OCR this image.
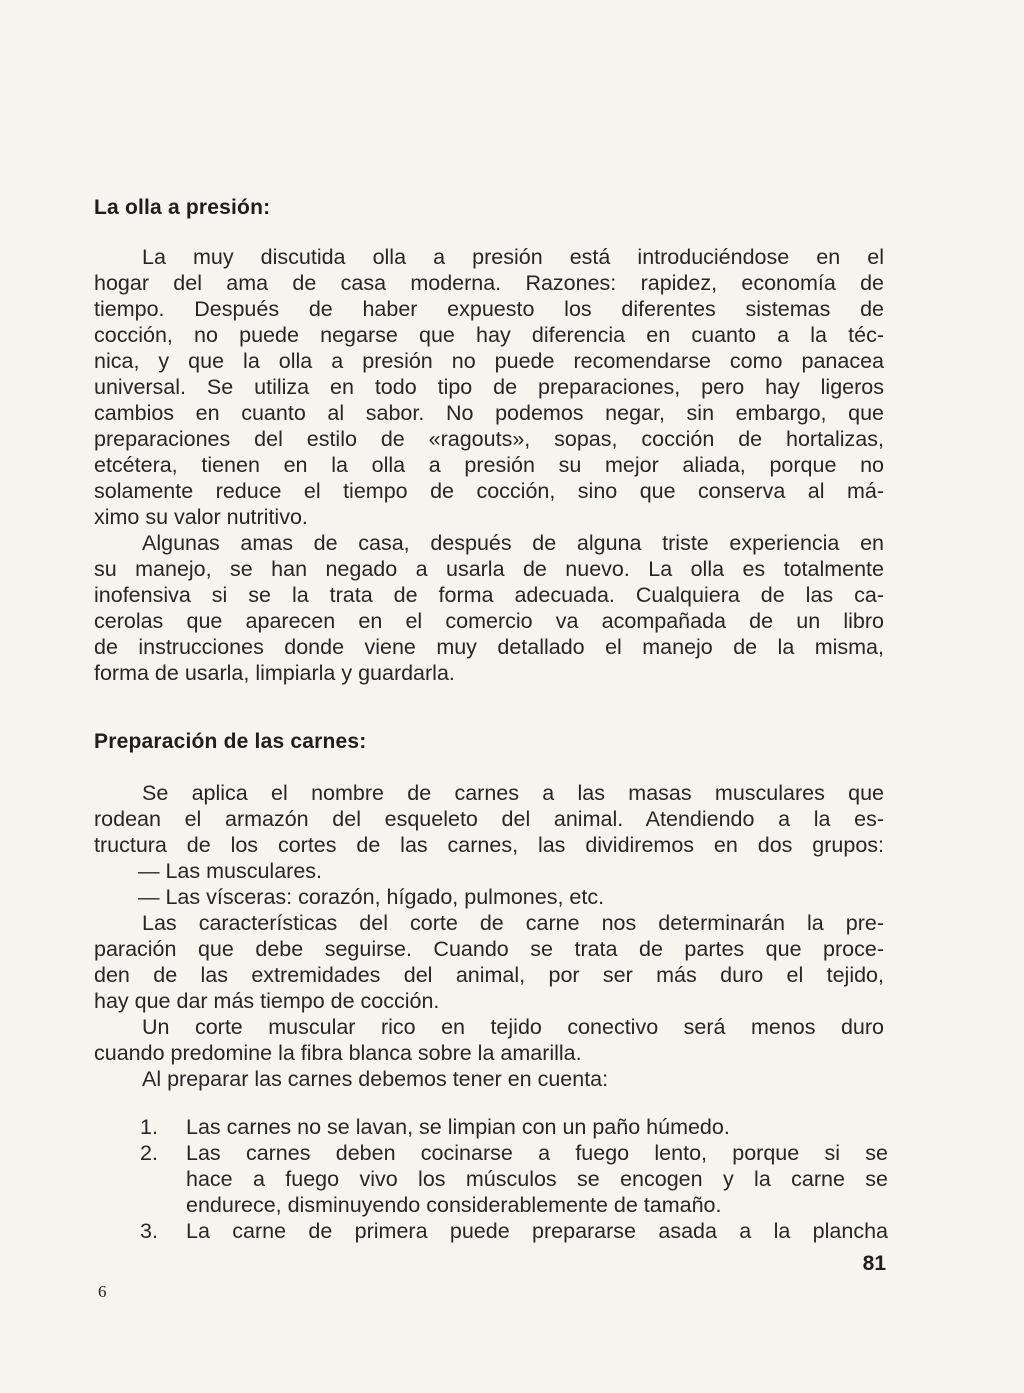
La olla a presión:

La muy discutida olla a presión está introduciéndose en el

hogar del ama de casa moderna. Razones: rapidez, economía de

tiempo. Después de haber expuesto los diferentes sistemas de

cocción, no puede negarse que hay diferencia en cuanto a la téc-

nica, y que la olla a presión no puede recomendarse como panacea

universal. Se utiliza en todo tipo de preparaciones, pero hay ligeros

cambios en cuanto al sabor. No podemos negar, sin embargo, que

preparaciones del estilo de «ragouts», sopas, cocción de hortalizas,

etcétera, tienen en la olla a presión su mejor aliada, porque no

solamente reduce el tiempo de cocción, sino que conserva al má-

ximo su valor nutritivo.

Algunas amas de casa, después de alguna triste experiencia en

su manejo, se han negado a usarla de nuevo. La olla es totalmente

inofensiva si se la trata de forma adecuada. Cualquiera de las ca-

cerolas que aparecen en el comercio va acompañada de un libro

de instrucciones donde viene muy detallado el manejo de la misma,

forma de usarla, limpiarla y guardarla.

Preparación de las carnes:

Se aplica el nombre de carnes a las masas musculares que

rodean el armazón del esqueleto del animal. Atendiendo a la es-

tructura de los cortes de las carnes, las dividiremos en dos grupos:

— Las musculares.

— Las vísceras: corazón, hígado, pulmones, etc.

Las características del corte de carne nos determinarán la pre-

paración que debe seguirse. Cuando se trata de partes que proce-

den de las extremidades del animal, por ser más duro el tejido,

hay que dar más tiempo de cocción.

Un corte muscular rico en tejido conectivo será menos duro

cuando predomine la fibra blanca sobre la amarilla.

Al preparar las carnes debemos tener en cuenta:

1. Las carnes no se lavan, se limpian con un paño húmedo.
2. Las carnes deben cocinarse a fuego lento, porque si se

hace a fuego vivo los músculos se encogen y la carne se

endurece, disminuyendo considerablemente de tamaño.

3. La carne de primera puede prepararse asada a la plancha
81
6
